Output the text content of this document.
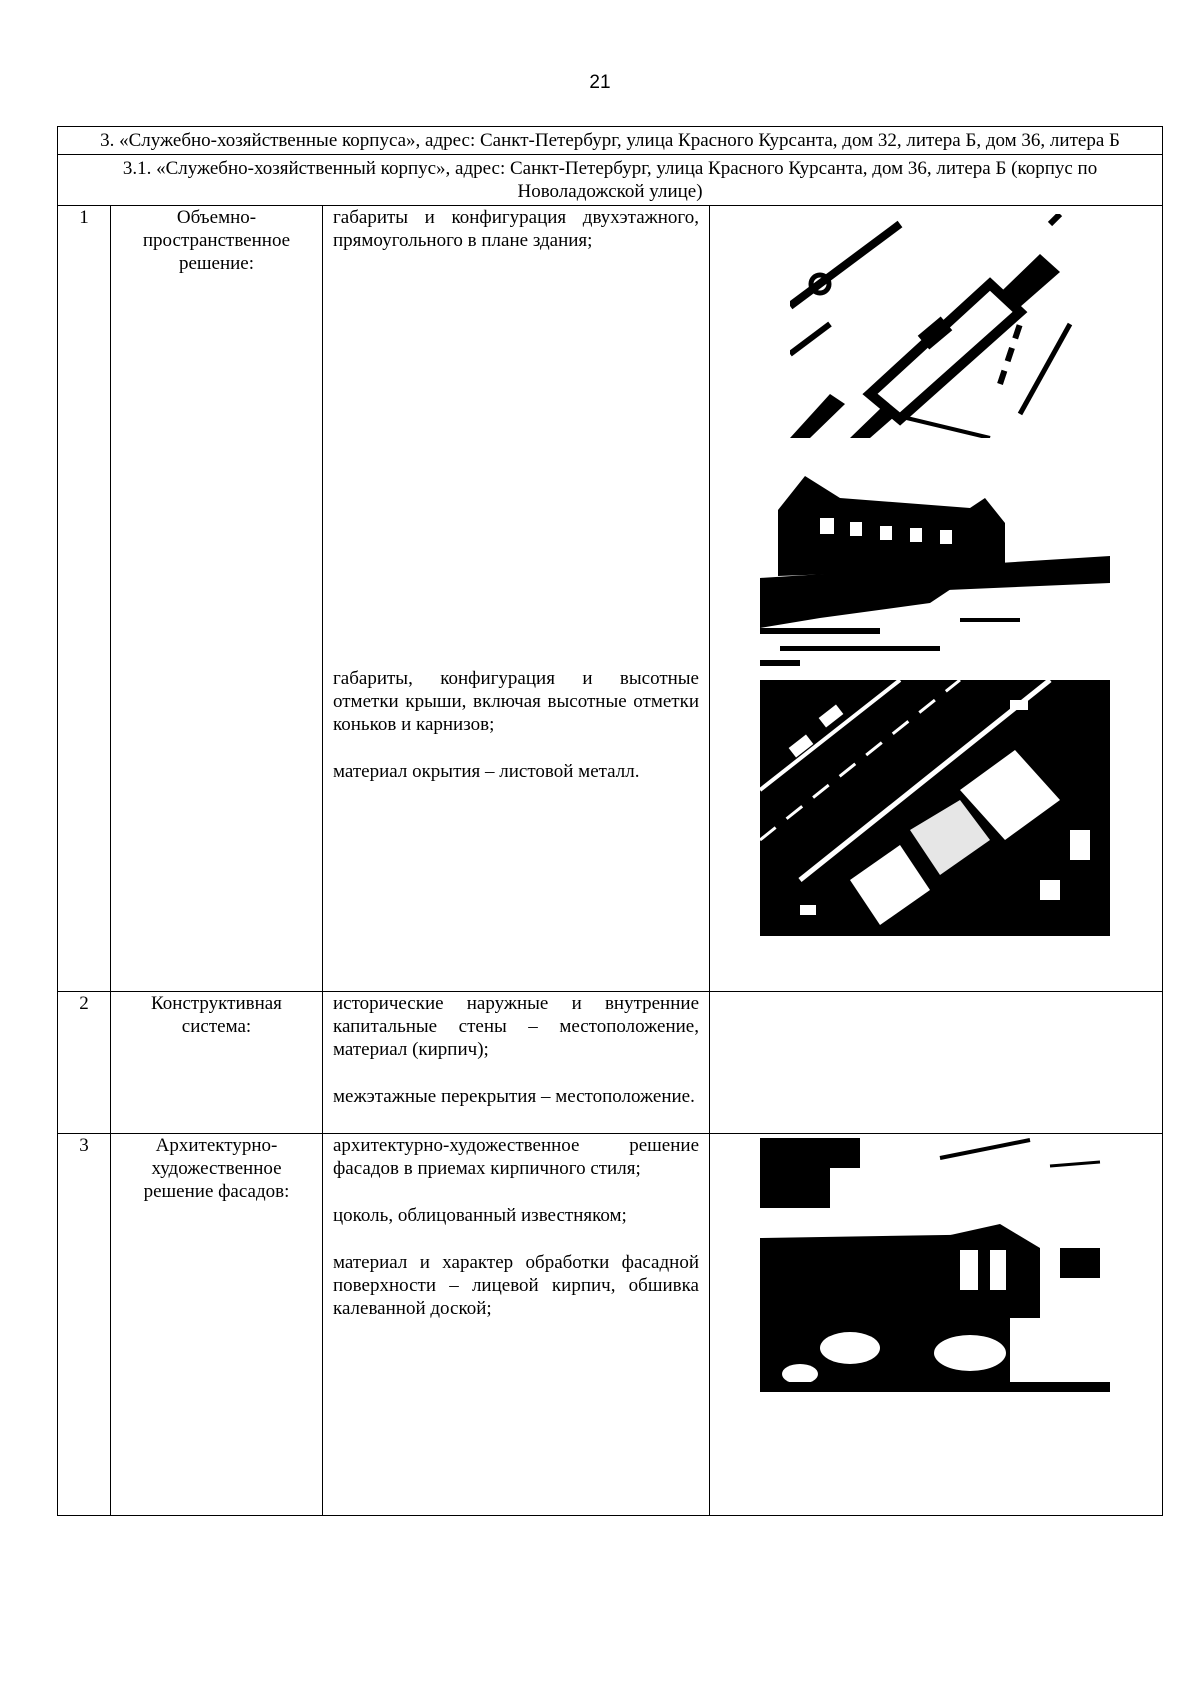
21
3. «Служебно-хозяйственные корпуса», адрес: Санкт-Петербург, улица Красного Курсанта, дом 32, литера Б, дом 36, литера Б			
3.1. «Служебно-хозяйственный корпус», адрес: Санкт-Петербург, улица Красного Курсанта, дом 36, литера Б (корпус по Новоладожской улице)			
1	Объемно-пространственное решение:	габариты и конфигурация двухэтажного, прямоугольного в плане здания;

габариты, конфигурация и высотные отметки крыши, включая высотные отметки коньков и карнизов;

материал окрытия – листовой металл.

2	Конструктивная система:	исторические наружные и внутренние капитальные стены – местоположение, материал (кирпич);

межэтажные перекрытия – местоположение.	

3	Архитектурно-художественное решение фасадов:	архитектурно-художественное решение фасадов в приемах кирпичного стиля;

цоколь, облицованный известняком;

материал и характер обработки фасадной поверхности – лицевой кирпич, обшивка калеванной доской;
